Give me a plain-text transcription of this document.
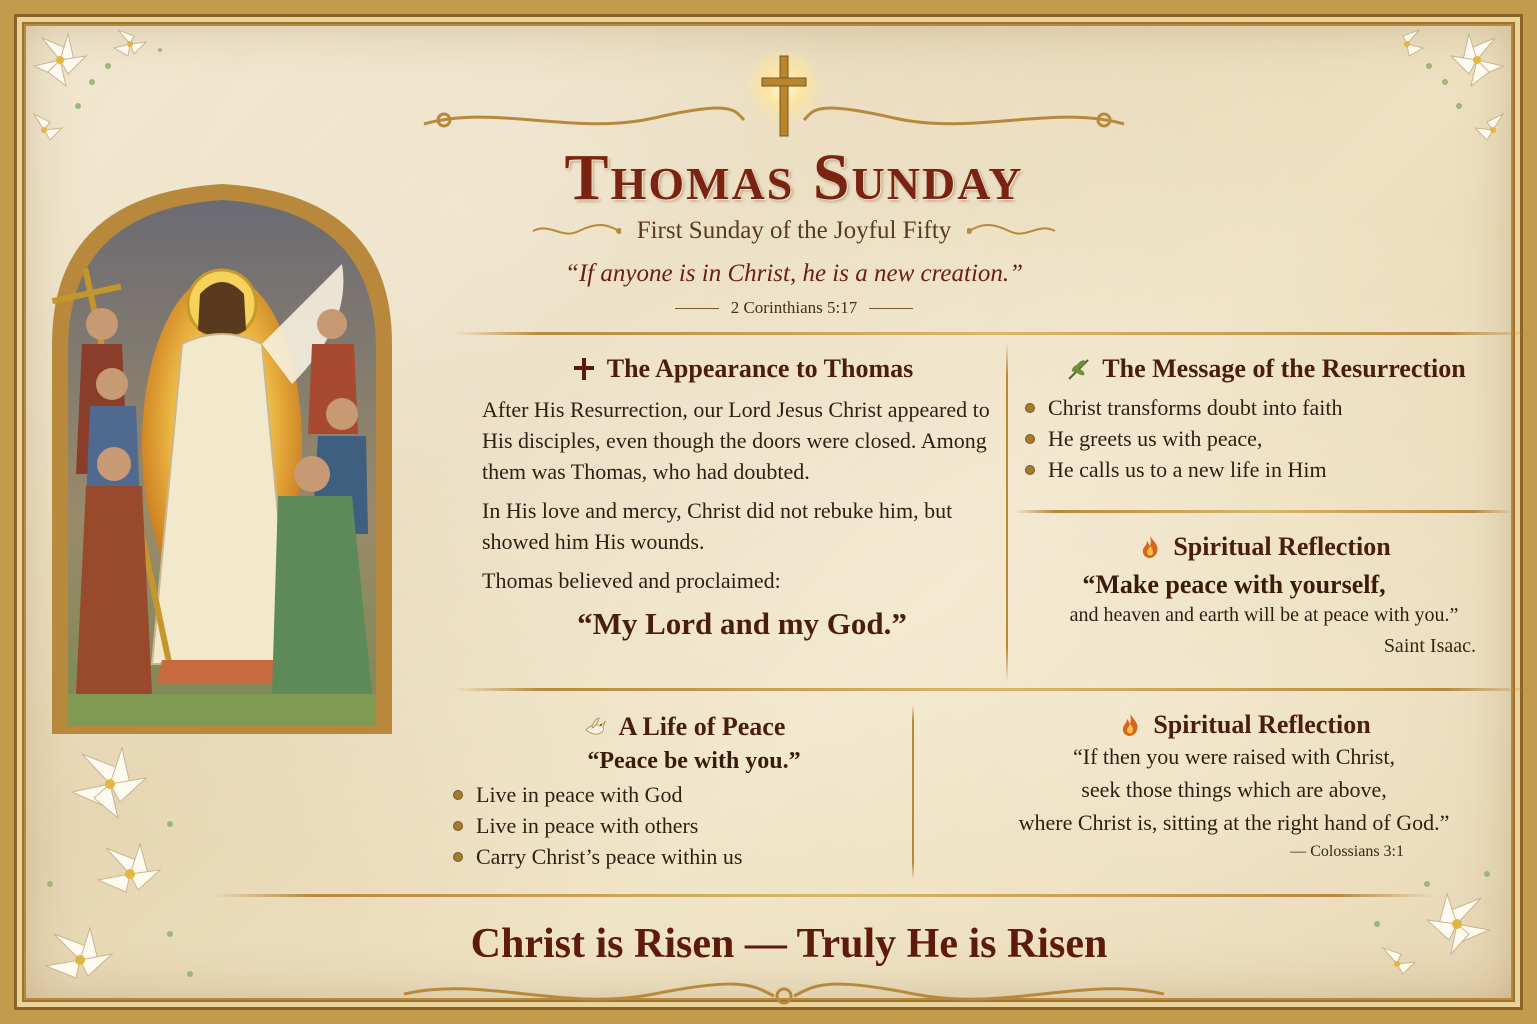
Thomas Sunday
First Sunday of the Joyful Fifty
“If anyone is in Christ, he is a new creation.”
2 Corinthians 5:17
The Appearance to Thomas

After His Resurrection, our Lord Jesus Christ appeared to His disciples, even though the doors were closed. Among them was Thomas, who had doubted.

In His love and mercy, Christ did not rebuke him, but showed him His wounds.

Thomas believed and proclaimed:

“My Lord and my God.”
The Message of the Resurrection
Christ transforms doubt into faith
He greets us with peace,
He calls us to a new life in Him
Spiritual Reflection
“Make peace with yourself,
and heaven and earth will be at peace with you.”
Saint Isaac.
A Life of Peace
“Peace be with you.”
Live in peace with God
Live in peace with others
Carry Christ’s peace within us
Spiritual Reflection
“If then you were raised with Christ,
seek those things which are above,
where Christ is, sitting at the right hand of God.”
— Colossians 3:1
Christ is Risen — Truly He is Risen
